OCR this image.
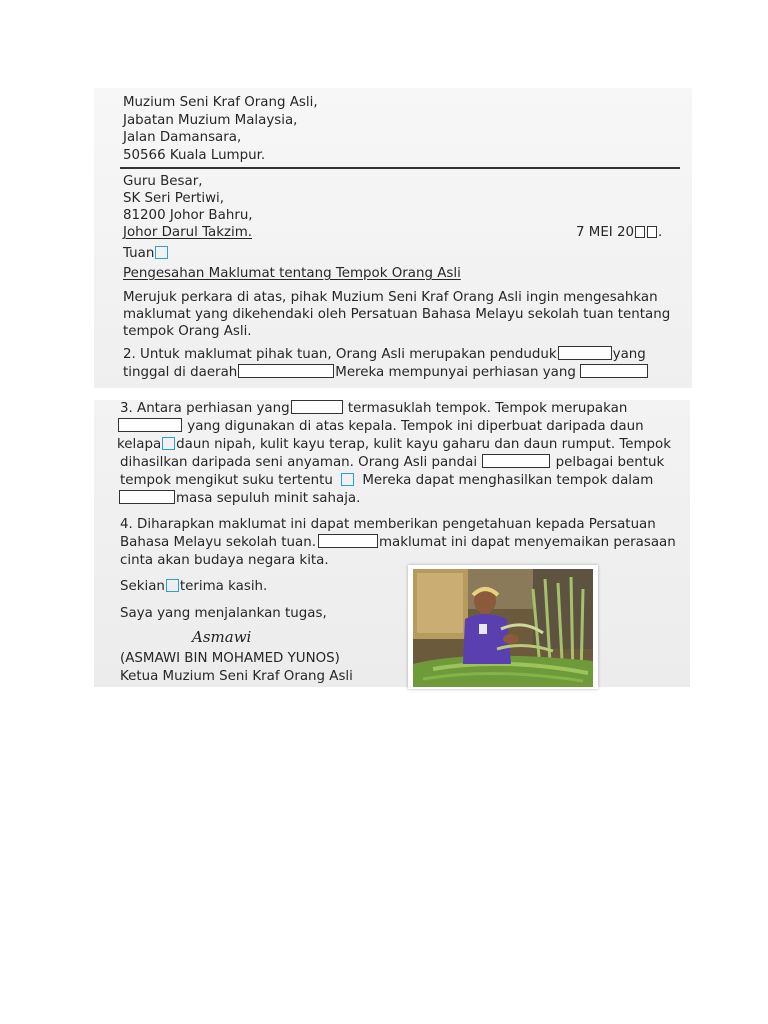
Muzium Seni Kraf Orang Asli,
Jabatan Muzium Malaysia,
Jalan Damansara,
50566 Kuala Lumpur.
Guru Besar,
SK Seri Pertiwi,
81200 Johor Bahru,
Johor Darul Takzim.	7 MEI 20 .
Tuan
Pengesahan Maklumat tentang Tempok Orang Asli
Merujuk perkara di atas, pihak Muzium Seni Kraf Orang Asli ingin mengesahkan
maklumat yang dikehendaki oleh Persatuan Bahasa Melayu sekolah tuan tentang
tempok Orang Asli.
2. Untuk maklumat pihak tuan, Orang Asli merupakan penduduk	yang
tinggal di daerah	Mereka mempunyai perhiasan yang
3. Antara perhiasan yang	termasuklah tempok. Tempok merupakan
yang digunakan di atas kepala. Tempok ini diperbuat daripada daun
kelapa daun nipah, kulit kayu terap, kulit kayu gaharu dan daun rumput. Tempok
dihasilkan daripada seni anyaman. Orang Asli pandai	pelbagai bentuk
tempok mengikut suku tertentu Mereka dapat menghasilkan tempok dalam
masa sepuluh minit sahaja.
4. Diharapkan maklumat ini dapat memberikan pengetahuan kepada Persatuan
Bahasa Melayu sekolah tuan.	maklumat ini dapat menyemaikan perasaan
cinta akan budaya negara kita.
Sekian terima kasih.
Saya yang menjalankan tugas,
Asmawi
(ASMAWI BIN MOHAMED YUNOS)
Ketua Muzium Seni Kraf Orang Asli
